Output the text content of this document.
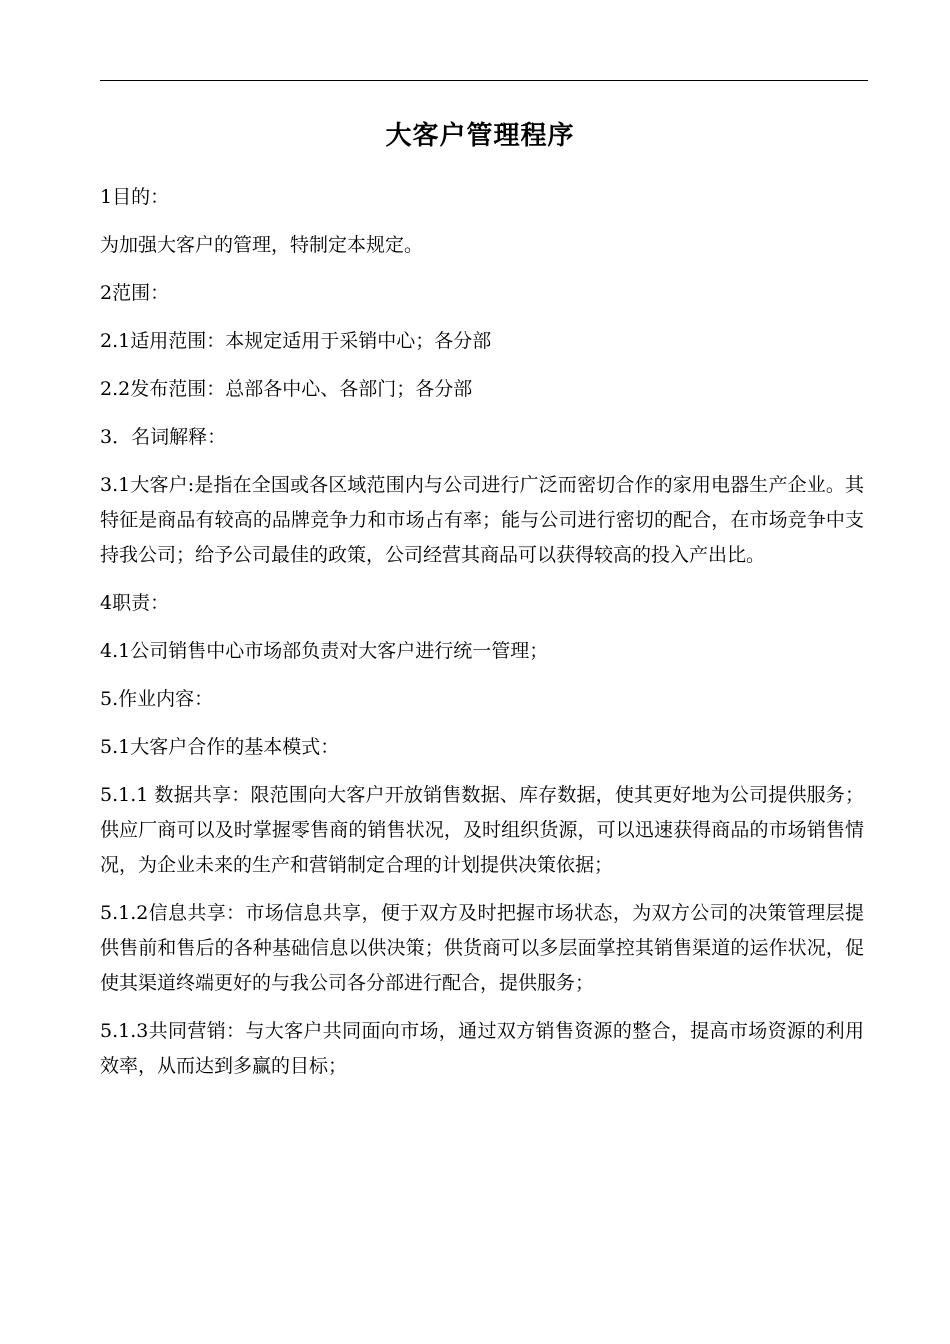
大客户管理程序

1目的：

为加强大客户的管理，特制定本规定。

2范围：

2.1适用范围：本规定适用于采销中心；各分部

2.2发布范围：总部各中心、各部门；各分部

3．名词解释：

3.1大客户:是指在全国或各区域范围内与公司进行广泛而密切合作的家用电器生产企业。其特征是商品有较高的品牌竞争力和市场占有率；能与公司进行密切的配合，在市场竞争中支持我公司；给予公司最佳的政策，公司经营其商品可以获得较高的投入产出比。

4职责：

4.1公司销售中心市场部负责对大客户进行统一管理；

5.作业内容：

5.1大客户合作的基本模式：

5.1.1 数据共享：限范围向大客户开放销售数据、库存数据，使其更好地为公司提供服务；供应厂商可以及时掌握零售商的销售状况，及时组织货源，可以迅速获得商品的市场销售情况，为企业未来的生产和营销制定合理的计划提供决策依据；

5.1.2信息共享：市场信息共享，便于双方及时把握市场状态，为双方公司的决策管理层提供售前和售后的各种基础信息以供决策；供货商可以多层面掌控其销售渠道的运作状况，促使其渠道终端更好的与我公司各分部进行配合，提供服务；

5.1.3共同营销：与大客户共同面向市场，通过双方销售资源的整合，提高市场资源的利用效率，从而达到多赢的目标；
